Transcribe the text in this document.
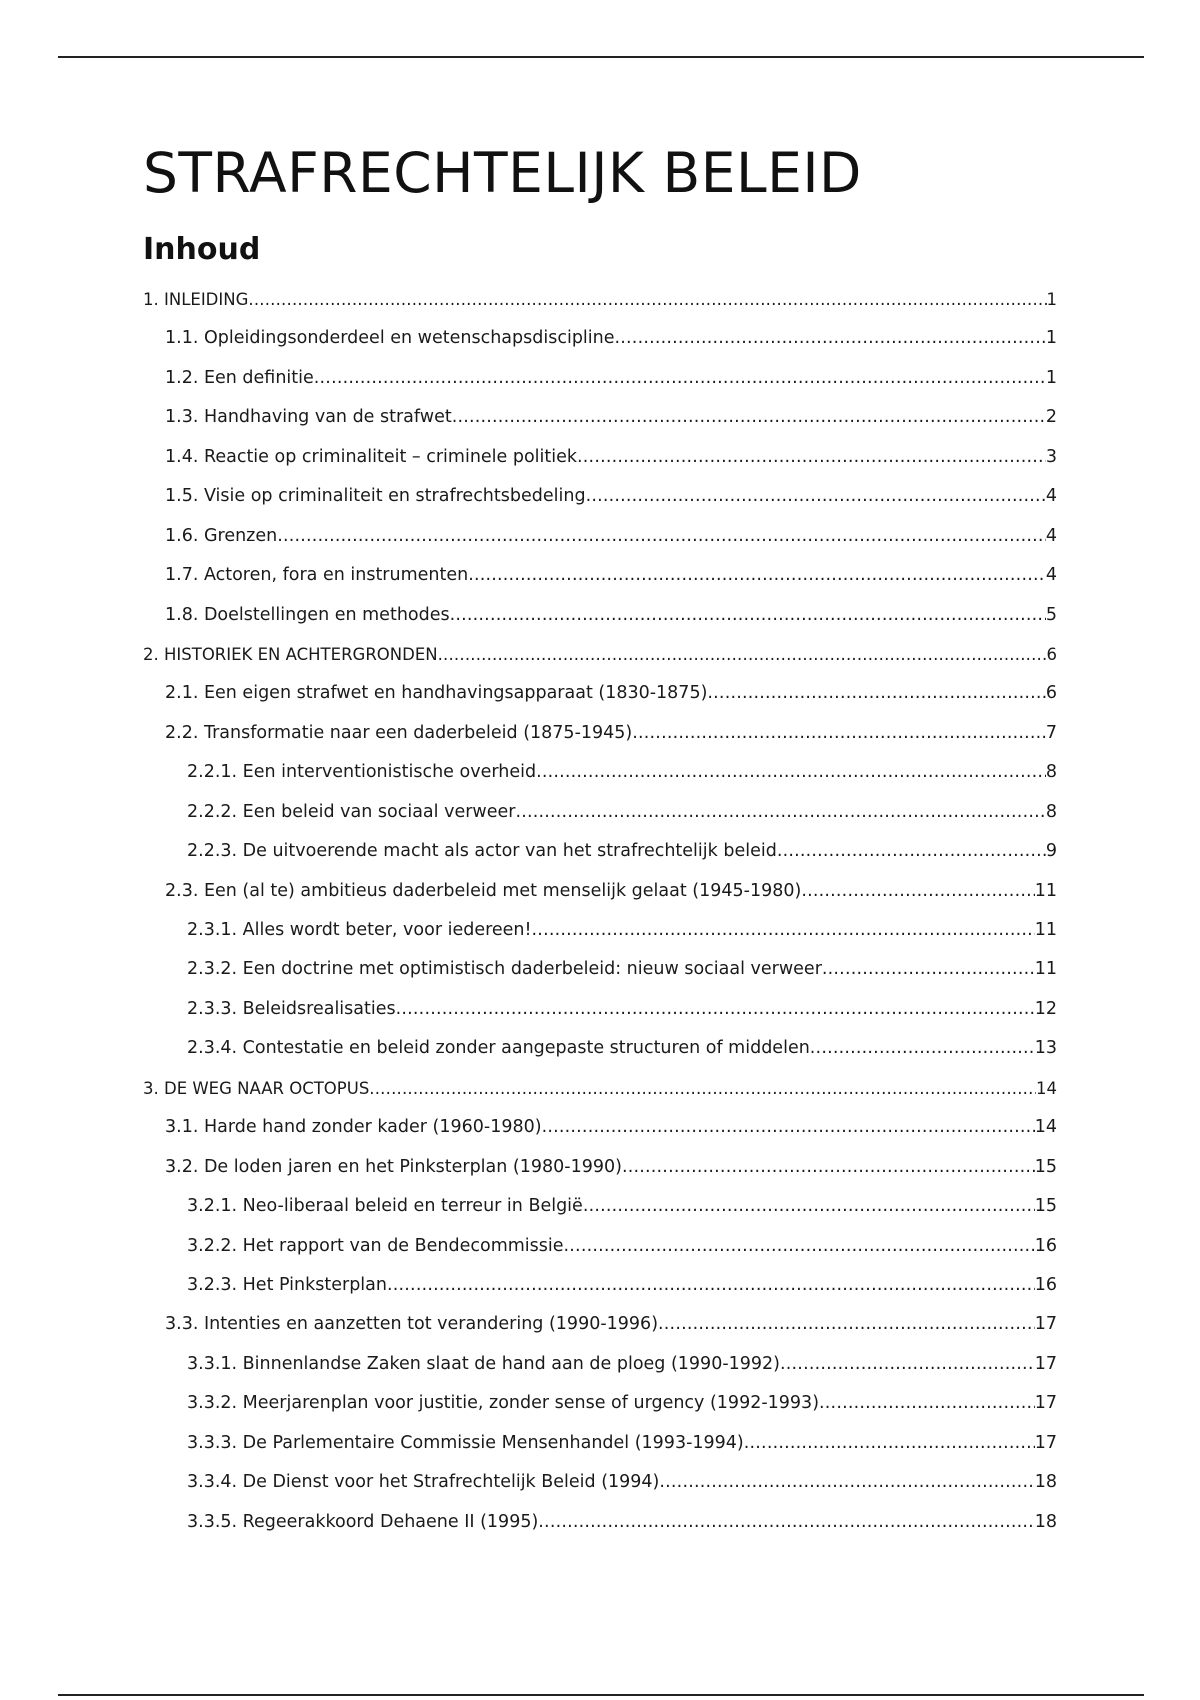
STRAFRECHTELIJK BELEID
Inhoud
1. INLEIDING .....	1
1.1. Opleidingsonderdeel en wetenschapsdiscipline .....	1
1.2. Een definitie .....	1
1.3. Handhaving van de strafwet .....	2
1.4. Reactie op criminaliteit – criminele politiek .....	3
1.5. Visie op criminaliteit en strafrechtsbedeling .....	4
1.6. Grenzen .....	4
1.7. Actoren, fora en instrumenten .....	4
1.8. Doelstellingen en methodes .....	5
2. HISTORIEK EN ACHTERGRONDEN .....	6
2.1. Een eigen strafwet en handhavingsapparaat (1830-1875) .....	6
2.2. Transformatie naar een daderbeleid (1875-1945) .....	7
2.2.1. Een interventionistische overheid .....	8
2.2.2. Een beleid van sociaal verweer .....	8
2.2.3. De uitvoerende macht als actor van het strafrechtelijk beleid .....	9
2.3. Een (al te) ambitieus daderbeleid met menselijk gelaat (1945-1980) .....	11
2.3.1. Alles wordt beter, voor iedereen! .....	11
2.3.2. Een doctrine met optimistisch daderbeleid: nieuw sociaal verweer .....	11
2.3.3. Beleidsrealisaties .....	12
2.3.4. Contestatie en beleid zonder aangepaste structuren of middelen .....	13
3. DE WEG NAAR OCTOPUS .....	14
3.1. Harde hand zonder kader (1960-1980) .....	14
3.2. De loden jaren en het Pinksterplan (1980-1990) .....	15
3.2.1. Neo-liberaal beleid en terreur in België .....	15
3.2.2. Het rapport van de Bendecommissie .....	16
3.2.3. Het Pinksterplan .....	16
3.3. Intenties en aanzetten tot verandering (1990-1996) .....	17
3.3.1. Binnenlandse Zaken slaat de hand aan de ploeg (1990-1992) .....	17
3.3.2. Meerjarenplan voor justitie, zonder sense of urgency (1992-1993) .....	17
3.3.3. De Parlementaire Commissie Mensenhandel (1993-1994) .....	17
3.3.4. De Dienst voor het Strafrechtelijk Beleid (1994) .....	18
3.3.5. Regeerakkoord Dehaene II (1995) .....	18
